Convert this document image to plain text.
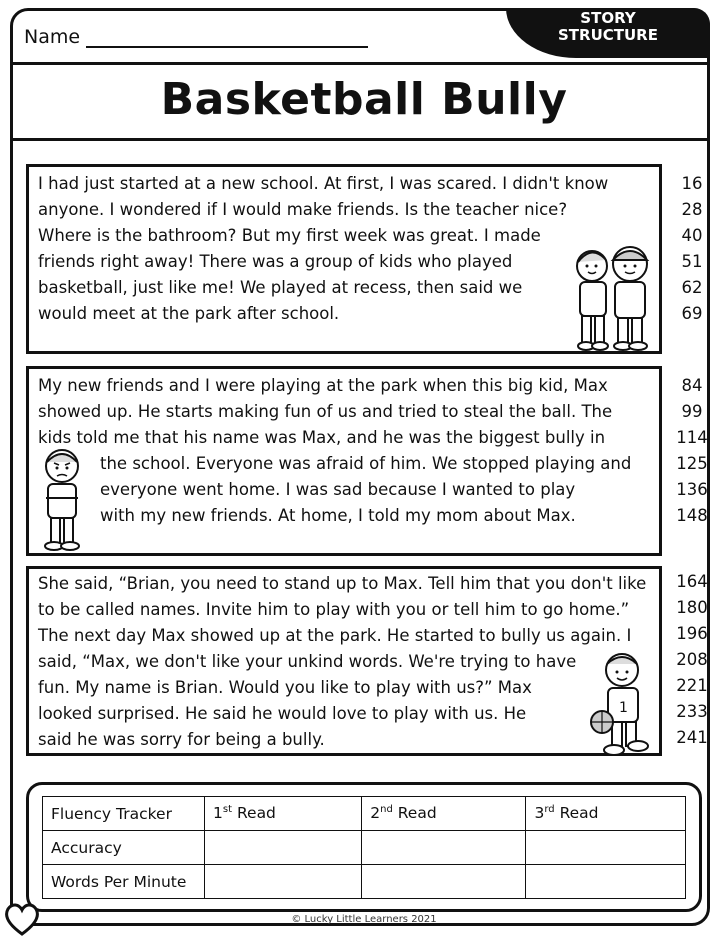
Name
STORY
STRUCTURE
Basketball Bully
I had just started at a new school. At first, I was scared. I didn't know
anyone. I wondered if I would make friends. Is the teacher nice?
Where is the bathroom? But my first week was great. I made
friends right away! There was a group of kids who played
basketball, just like me! We played at recess, then said we
would meet at the park after school.
16
28
40
51
62
69
My new friends and I were playing at the park when this big kid, Max
showed up. He starts making fun of us and tried to steal the ball. The
kids told me that his name was Max, and he was the biggest bully in
the school. Everyone was afraid of him. We stopped playing and
everyone went home. I was sad because I wanted to play
with my new friends. At home, I told my mom about Max.
84
99
114
125
136
148
She said, “Brian, you need to stand up to Max. Tell him that you don't like
to be called names. Invite him to play with you or tell him to go home.”
The next day Max showed up at the park. He started to bully us again. I
said, “Max, we don't like your unkind words. We're trying to have
fun. My name is Brian. Would you like to play with us?” Max
looked surprised. He said he would love to play with us. He
said he was sorry for being a bully.
164
180
196
208
221
233
241
1
Fluency Tracker	1st Read	2nd Read	3rd Read
Accuracy			
Words Per Minute			
© Lucky Little Learners 2021
